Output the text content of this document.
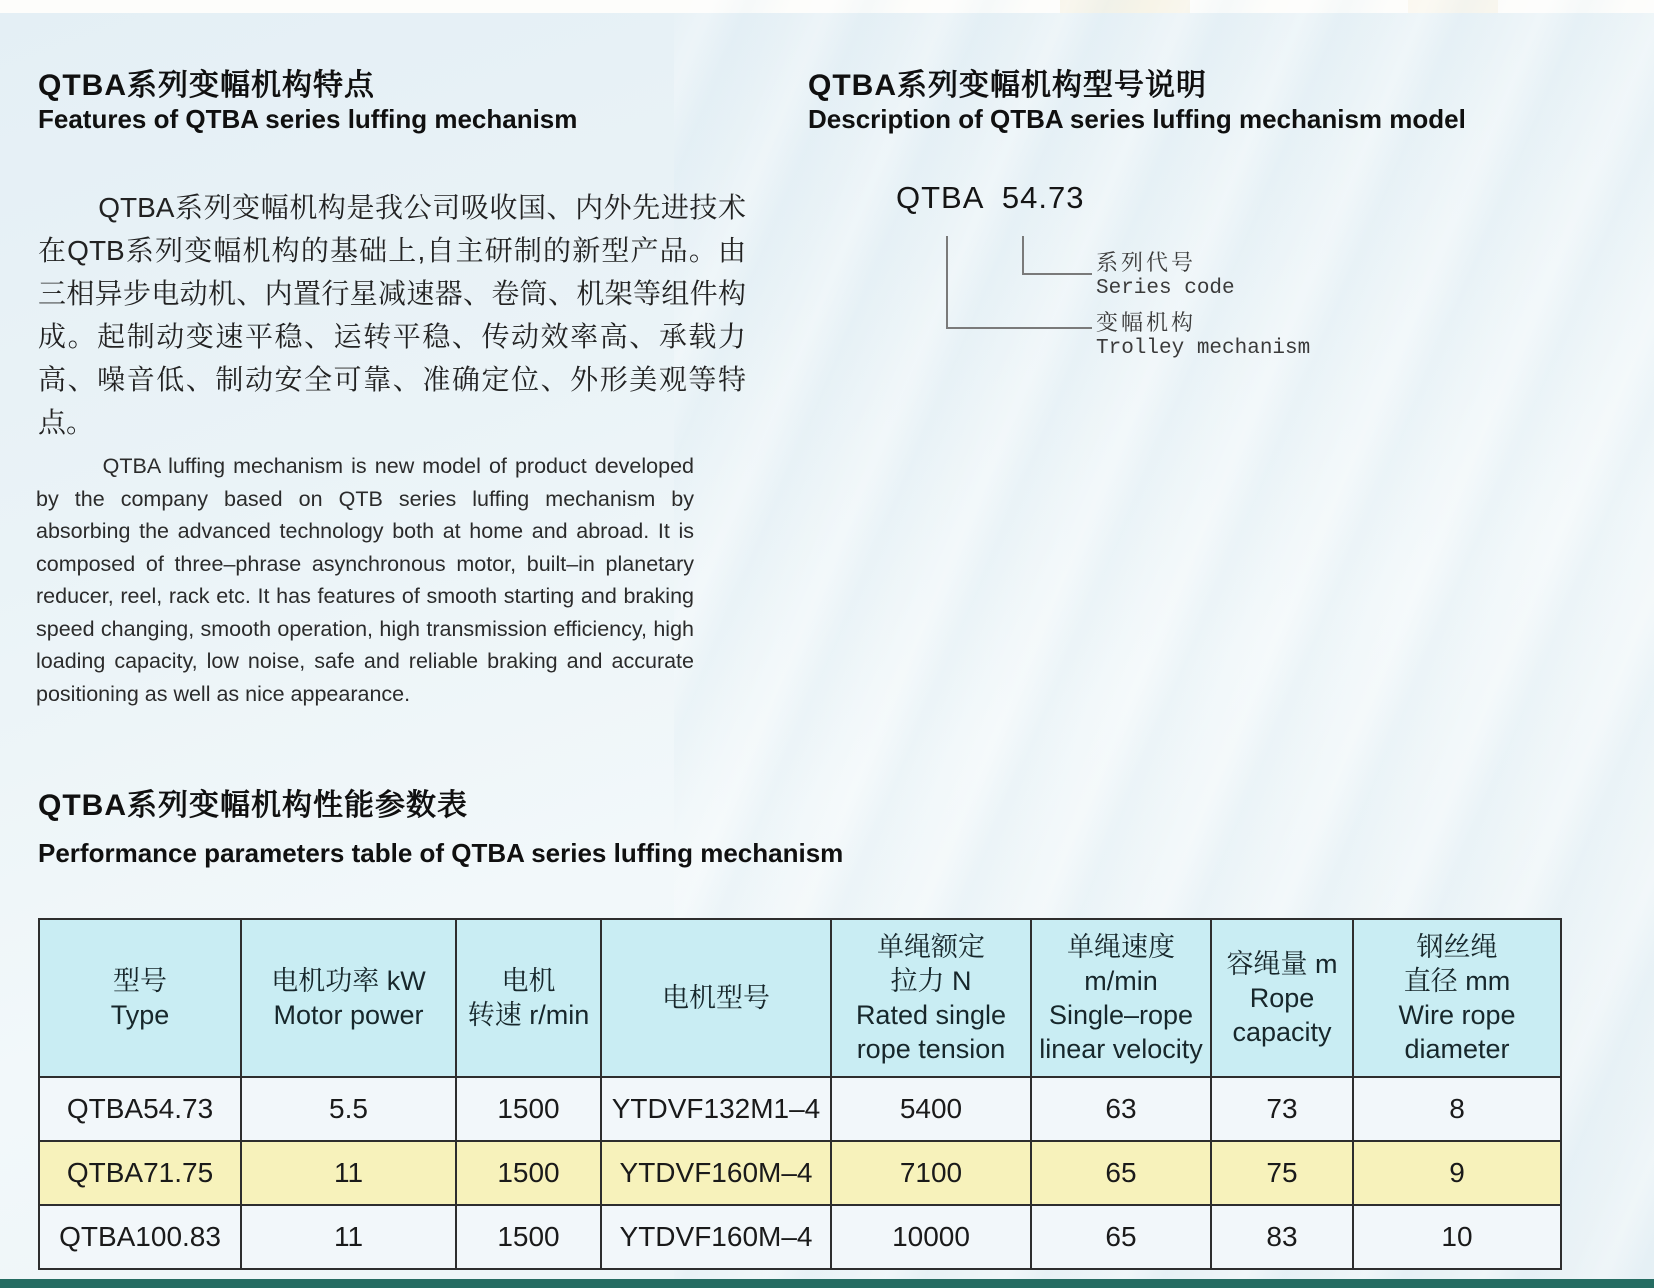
QTBA系列变幅机构特点
Features of QTBA series luffing mechanism
QTBA系列变幅机构是我公司吸收国、内外先进技术在QTB系列变幅机构的基础上,自主研制的新型产品。由三相异步电动机、内置行星减速器、卷筒、机架等组件构成。起制动变速平稳、运转平稳、传动效率高、承载力高、噪音低、制动安全可靠、准确定位、外形美观等特点。
QTBA luffing mechanism is new model of product developed by the company based on QTB series luffing mechanism by absorbing the advanced technology both at home and abroad. It is composed of three–phrase asynchronous motor, built–in planetary reducer, reel, rack etc. It has features of smooth starting and braking speed changing, smooth operation, high transmission efficiency, high loading capacity, low noise, safe and reliable braking and accurate positioning as well as nice appearance.
QTBA系列变幅机构型号说明
Description of QTBA series luffing mechanism model
QTBA  54.73
系列代号
Series code
变幅机构
Trolley mechanism
QTBA系列变幅机构性能参数表
Performance parameters table of QTBA series luffing mechanism
型号
Type

电机功率 kW
Motor power

电机
转速 r/min

电机型号

单绳额定
拉力 N
Rated single
rope tension

单绳速度
m/min
Single–rope
linear velocity

容绳量 m
Rope
capacity

钢丝绳
直径 mm
Wire rope
diameter

QTBA54.73	5.5	1500	YTDVF132M1–4	5400	63	73	8
QTBA71.75	11	1500	YTDVF160M–4	7100	65	75	9
QTBA100.83	11	1500	YTDVF160M–4	10000	65	83	10
